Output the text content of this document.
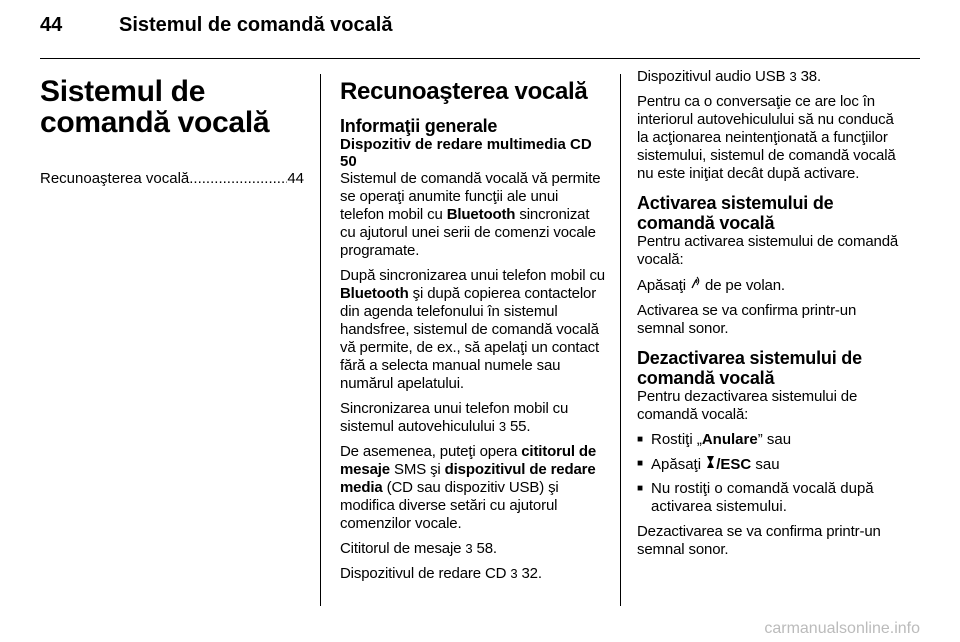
44	Sistemul de comandă vocală
Sistemul de comandă vocală
Recunoaşterea vocală
.....	44
Recunoaşterea vocală
Informaţii generale
Dispozitiv de redare multimedia CD 50

Sistemul de comandă vocală vă permite se operaţi anumite funcţii ale unui telefon mobil cu Bluetooth sincronizat cu ajutorul unei serii de comenzi vocale programate.

După sincronizarea unui telefon mobil cu Bluetooth şi după copierea contactelor din agenda telefonului în sistemul handsfree, sistemul de comandă vocală vă permite, de ex., să apelaţi un contact fără a selecta manual numele sau numărul apelatului.

Sincronizarea unui telefon mobil cu sistemul autovehiculului 3 55.

De asemenea, puteţi opera cititorul de mesaje SMS şi dispozitivul de redare media (CD sau dispozitiv USB) şi modifica diverse setări cu ajutorul comenzilor vocale.

Cititorul de mesaje 3 58.

Dispozitivul de redare CD 3 32.

Dispozitivul audio USB 3 38.

Pentru ca o conversaţie ce are loc în interiorul autovehiculului să nu conducă la acţionarea neintenţionată a funcţiilor sistemului, sistemul de comandă vocală nu este iniţiat decât după activare.

Activarea sistemului de comandă vocală

Pentru activarea sistemului de comandă vocală:

Apăsaţi  de pe volan.

Activarea se va confirma printr-un semnal sonor.

Dezactivarea sistemului de comandă vocală

Pentru dezactivarea sistemului de comandă vocală:

■ Rostiţi „Anulare” sau
■ Apăsaţi /ESC sau
■ Nu rostiţi o comandă vocală după activarea sistemului.

Dezactivarea se va confirma printr-un semnal sonor.

carmanualsonline.info
